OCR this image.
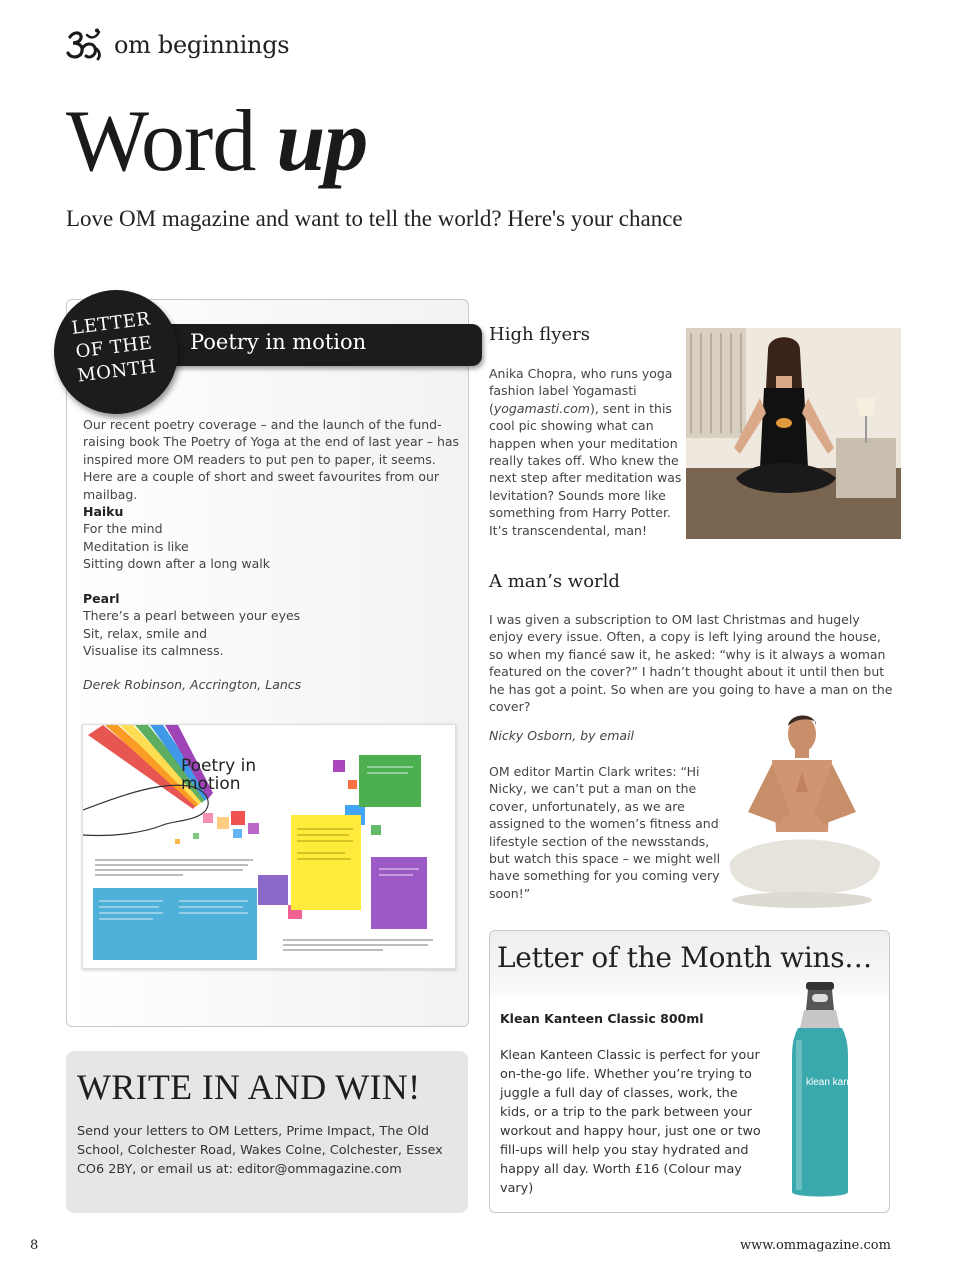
om beginnings
Word up
Love OM magazine and want to tell the world? Here's your chance
Poetry in motion
LETTER
OF THE
MONTH

Our recent poetry coverage – and the launch of the fund-raising book The Poetry of Yoga at the end of last year – has inspired more OM readers to put pen to paper, it seems. Here are a couple of short and sweet favourites from our mailbag.

Haiku
For the mind
Meditation is like
Sitting down after a long walk
Pearl
There’s a pearl between your eyes
Sit, relax, smile and
Visualise its calmness.
Derek Robinson, Accrington, Lancs
Poetry in motion
WRITE IN AND WIN!

Send your letters to OM Letters, Prime Impact, The Old School, Colchester Road, Wakes Colne, Colchester, Essex CO6 2BY, or email us at: editor@ommagazine.com

High flyers

Anika Chopra, who runs yoga fashion label Yogamasti (yogamasti.com), sent in this cool pic showing what can happen when your meditation really takes off. Who knew the next step after meditation was levitation? Sounds more like something from Harry Potter. It’s transcendental, man!

A man’s world

I was given a subscription to OM last Christmas and hugely enjoy every issue. Often, a copy is left lying around the house, so when my fiancé saw it, he asked: “why is it always a woman featured on the cover?” I hadn’t thought about it until then but he has got a point. So when are you going to have a man on the cover?

Nicky Osborn, by email

OM editor Martin Clark writes: “Hi Nicky, we can’t put a man on the cover, unfortunately, as we are assigned to the women’s fitness and lifestyle section of the newsstands, but watch this space – we might well have something for you coming very soon!”

Letter of the Month wins…
Klean Kanteen Classic 800ml

Klean Kanteen Classic is perfect for your on-the-go life. Whether you’re trying to juggle a full day of classes, work, the kids, or a trip to the park between your workout and happy hour, just one or two fill-ups will help you stay hydrated and happy all day. Worth £16 (Colour may vary)

klean kanteen
8	www.ommagazine.com
